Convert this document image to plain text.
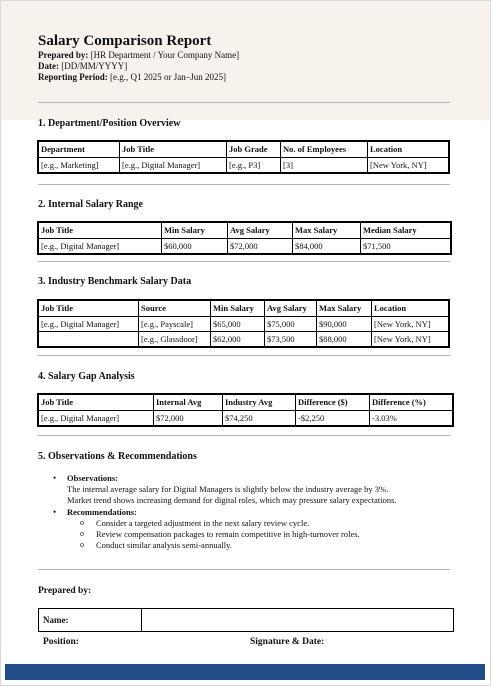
Salary Comparison Report
Prepared by: [HR Department / Your Company Name]
Date: [DD/MM/YYYY]
Reporting Period: [e.g., Q1 2025 or Jan–Jun 2025]
1. Department/Position Overview
Department	Job Title	Job Grade	No. of Employees	Location
[e.g., Marketing]	[e.g., Digital Manager]	[e.g., P3]	[3]	[New York, NY]
2. Internal Salary Range
Job Title	Min Salary	Avg Salary	Max Salary	Median Salary
[e.g., Digital Manager]	$60,000	$72,000	$84,000	$71,500
3. Industry Benchmark Salary Data
Job Title	Source	Min Salary	Avg Salary	Max Salary	Location
[e.g., Digital Manager]	[e.g., Payscale]	$65,000	$75,000	$90,000	[New York, NY]
	[e.g., Glassdoor]	$62,000	$73,500	$88,000	[New York, NY]
4. Salary Gap Analysis
Job Title	Internal Avg	Industry Avg	Difference ($)	Difference (%)
[e.g., Digital Manager]	$72,000	$74,250	-$2,250	-3.03%
5. Observations & Recommendations
• Observations:
The internal average salary for Digital Managers is slightly below the industry average by 3%.
Market trend shows increasing demand for digital roles, which may pressure salary expectations.
• Recommendations:
o Consider a targeted adjustment in the next salary review cycle.
o Review compensation packages to remain competitive in high-turnover roles.
o Conduct similar analysis semi-annually.
Prepared by:
Name:
Position:	Signature & Date:
